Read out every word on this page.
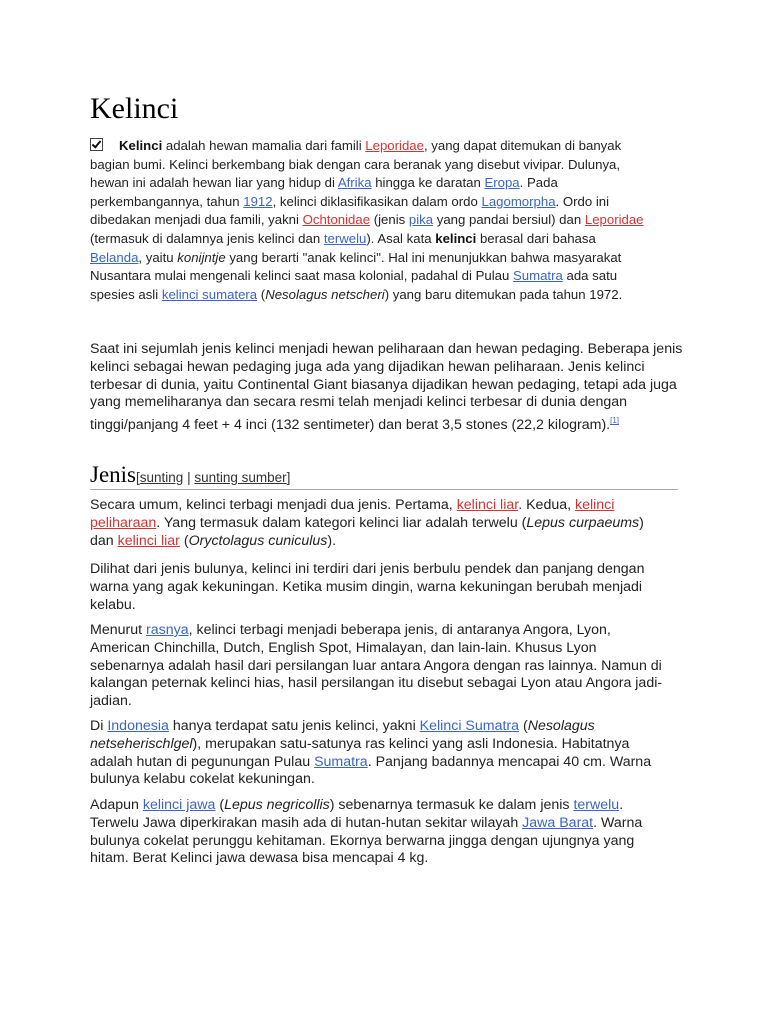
Kelinci
Kelinci adalah hewan mamalia dari famili Leporidae, yang dapat ditemukan di banyak bagian bumi. Kelinci berkembang biak dengan cara beranak yang disebut vivipar. Dulunya, hewan ini adalah hewan liar yang hidup di Afrika hingga ke daratan Eropa. Pada perkembangannya, tahun 1912, kelinci diklasifikasikan dalam ordo Lagomorpha. Ordo ini dibedakan menjadi dua famili, yakni Ochtonidae (jenis pika yang pandai bersiul) dan Leporidae (termasuk di dalamnya jenis kelinci dan terwelu). Asal kata kelinci berasal dari bahasa Belanda, yaitu konijntje yang berarti "anak kelinci". Hal ini menunjukkan bahwa masyarakat Nusantara mulai mengenali kelinci saat masa kolonial, padahal di Pulau Sumatra ada satu spesies asli kelinci sumatera (Nesolagus netscheri) yang baru ditemukan pada tahun 1972.
Saat ini sejumlah jenis kelinci menjadi hewan peliharaan dan hewan pedaging. Beberapa jenis kelinci sebagai hewan pedaging juga ada yang dijadikan hewan peliharaan. Jenis kelinci terbesar di dunia, yaitu Continental Giant biasanya dijadikan hewan pedaging, tetapi ada juga yang memeliharanya dan secara resmi telah menjadi kelinci terbesar di dunia dengan tinggi/panjang 4 feet + 4 inci (132 sentimeter) dan berat 3,5 stones (22,2 kilogram).[1]
Jenis[sunting | sunting sumber]
Secara umum, kelinci terbagi menjadi dua jenis. Pertama, kelinci liar. Kedua, kelinci peliharaan. Yang termasuk dalam kategori kelinci liar adalah terwelu (Lepus curpaeums) dan kelinci liar (Oryctolagus cuniculus).
Dilihat dari jenis bulunya, kelinci ini terdiri dari jenis berbulu pendek dan panjang dengan warna yang agak kekuningan. Ketika musim dingin, warna kekuningan berubah menjadi kelabu.
Menurut rasnya, kelinci terbagi menjadi beberapa jenis, di antaranya Angora, Lyon, American Chinchilla, Dutch, English Spot, Himalayan, dan lain-lain. Khusus Lyon sebenarnya adalah hasil dari persilangan luar antara Angora dengan ras lainnya. Namun di kalangan peternak kelinci hias, hasil persilangan itu disebut sebagai Lyon atau Angora jadi-jadian.
Di Indonesia hanya terdapat satu jenis kelinci, yakni Kelinci Sumatra (Nesolagus netseherischlgel), merupakan satu-satunya ras kelinci yang asli Indonesia. Habitatnya adalah hutan di pegunungan Pulau Sumatra. Panjang badannya mencapai 40 cm. Warna bulunya kelabu cokelat kekuningan.
Adapun kelinci jawa (Lepus negricollis) sebenarnya termasuk ke dalam jenis terwelu. Terwelu Jawa diperkirakan masih ada di hutan-hutan sekitar wilayah Jawa Barat. Warna bulunya cokelat perunggu kehitaman. Ekornya berwarna jingga dengan ujungnya yang hitam. Berat Kelinci jawa dewasa bisa mencapai 4 kg.
